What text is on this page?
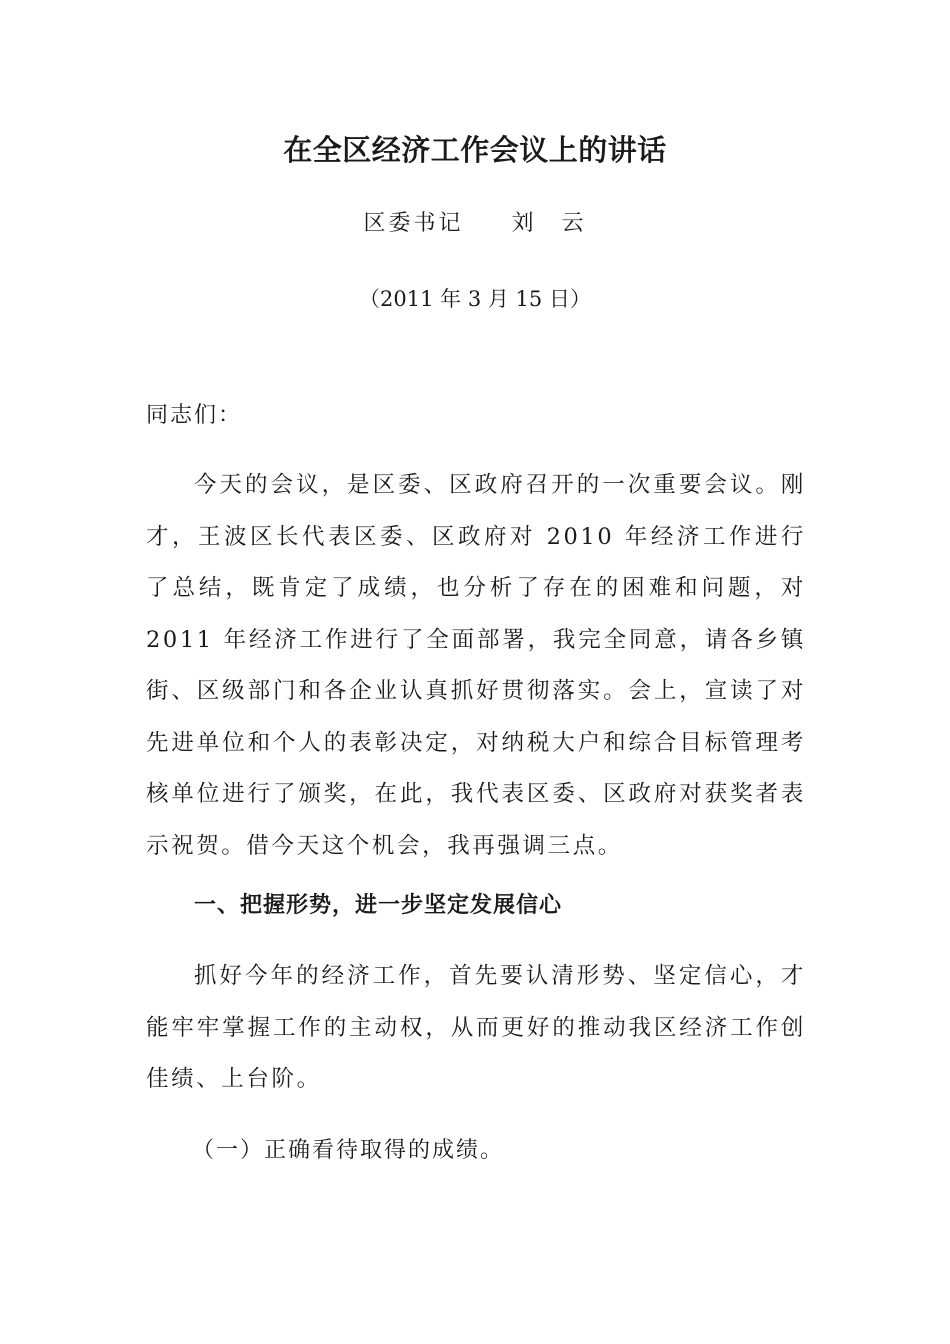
在全区经济工作会议上的讲话
区委书记 刘　云
（2011 年 3 月 15 日）
同志们：

今天的会议，是区委、区政府召开的一次重要会议。刚才，王波区长代表区委、区政府对 2010 年经济工作进行了总结，既肯定了成绩，也分析了存在的困难和问题，对 2011 年经济工作进行了全面部署，我完全同意，请各乡镇街、区级部门和各企业认真抓好贯彻落实。会上，宣读了对先进单位和个人的表彰决定，对纳税大户和综合目标管理考核单位进行了颁奖，在此，我代表区委、区政府对获奖者表示祝贺。借今天这个机会，我再强调三点。

一、把握形势，进一步坚定发展信心

抓好今年的经济工作，首先要认清形势、坚定信心，才能牢牢掌握工作的主动权，从而更好的推动我区经济工作创佳绩、上台阶。

（一）正确看待取得的成绩。
